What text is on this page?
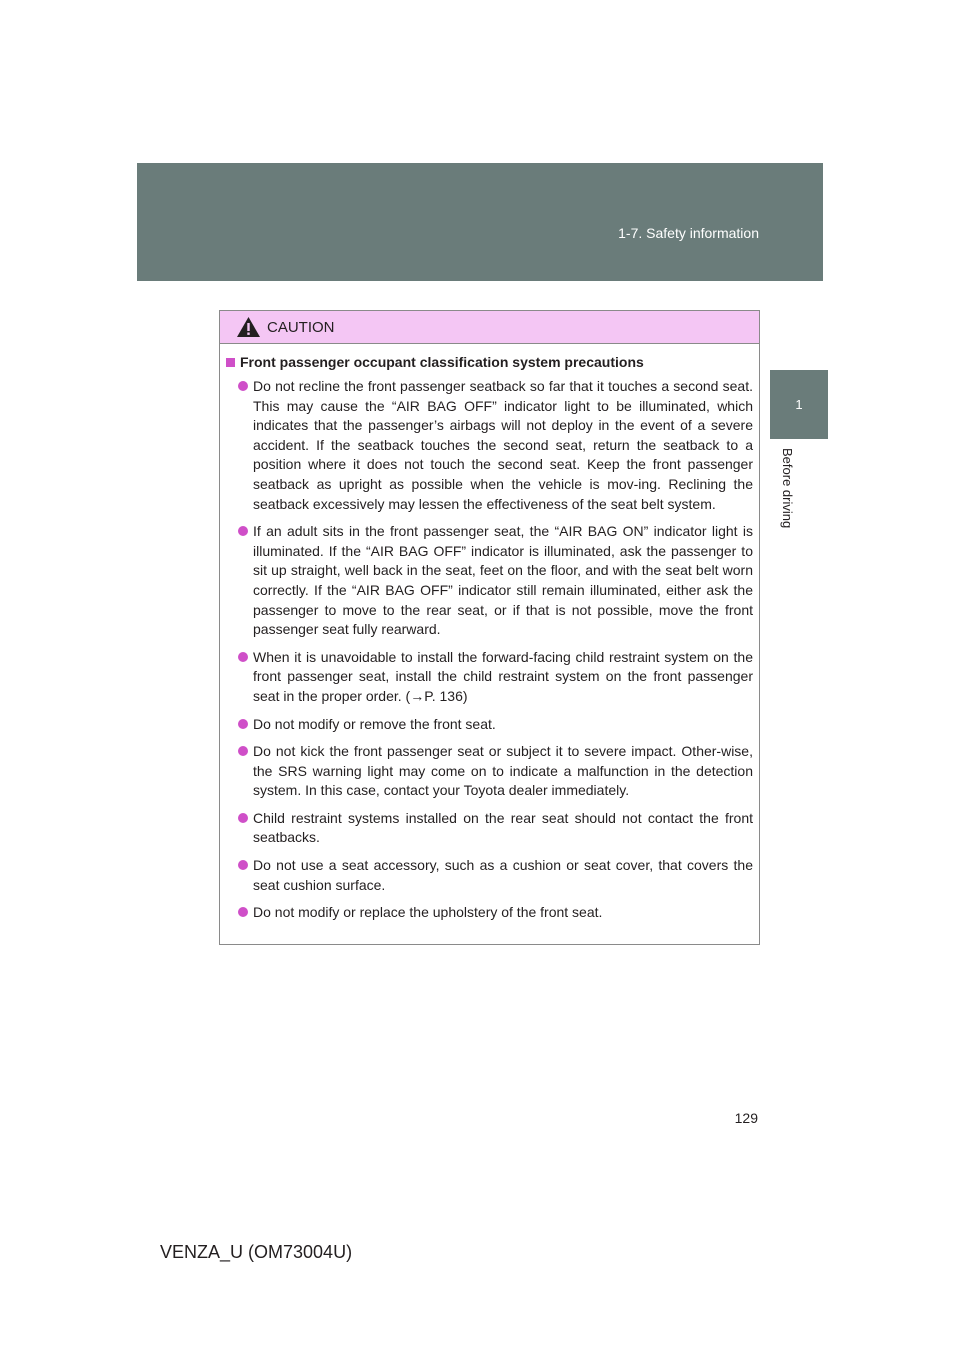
1-7. Safety information
1
Before driving
CAUTION
Front passenger occupant classification system precautions
Do not recline the front passenger seatback so far that it touches a second seat. This may cause the “AIR BAG OFF” indicator light to be illuminated, which indicates that the passenger’s airbags will not deploy in the event of a severe accident. If the seatback touches the second seat, return the seatback to a position where it does not touch the second seat. Keep the front passenger seatback as upright as possible when the vehicle is mov-ing. Reclining the seatback excessively may lessen the effectiveness of the seat belt system.
If an adult sits in the front passenger seat, the “AIR BAG ON” indicator light is illuminated. If the “AIR BAG OFF” indicator is illuminated, ask the passenger to sit up straight, well back in the seat, feet on the floor, and with the seat belt worn correctly. If the “AIR BAG OFF” indicator still remain illuminated, either ask the passenger to move to the rear seat, or if that is not possible, move the front passenger seat fully rearward.
When it is unavoidable to install the forward-facing child restraint system on the front passenger seat, install the child restraint system on the front passenger seat in the proper order. (→P. 136)
Do not modify or remove the front seat.
Do not kick the front passenger seat or subject it to severe impact. Other-wise, the SRS warning light may come on to indicate a malfunction in the detection system. In this case, contact your Toyota dealer immediately.
Child restraint systems installed on the rear seat should not contact the front seatbacks.
Do not use a seat accessory, such as a cushion or seat cover, that covers the seat cushion surface.
Do not modify or replace the upholstery of the front seat.
129
VENZA_U (OM73004U)
